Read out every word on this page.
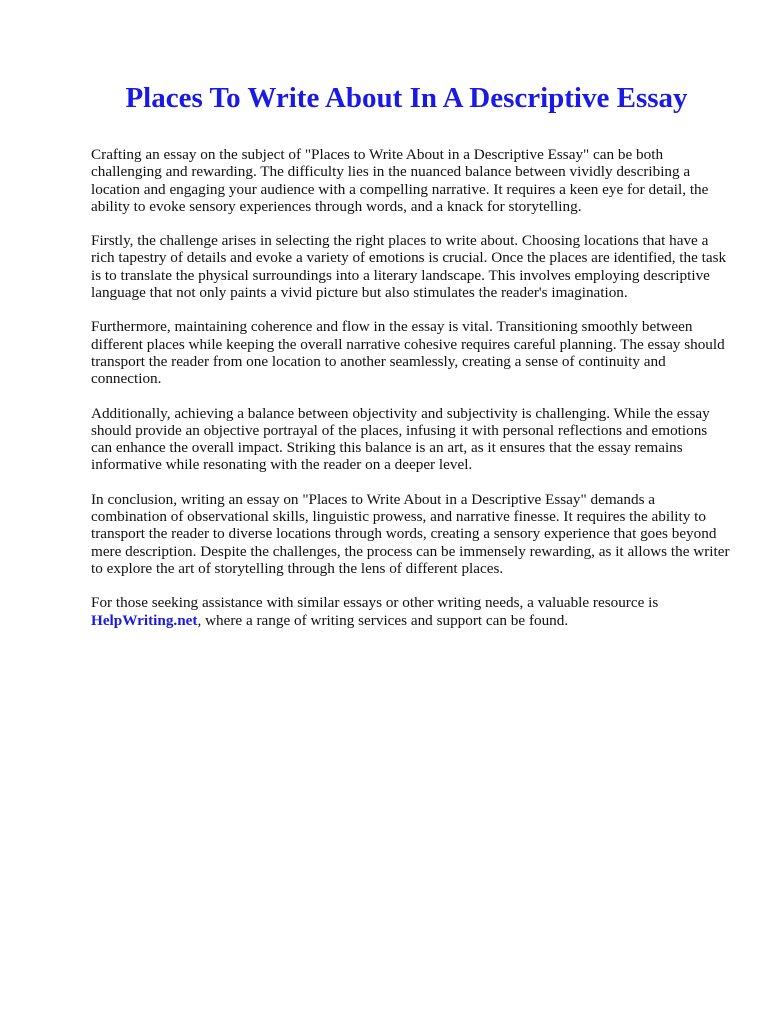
Places To Write About In A Descriptive Essay

Crafting an essay on the subject of "Places to Write About in a Descriptive Essay" can be both challenging and rewarding. The difficulty lies in the nuanced balance between vividly describing a location and engaging your audience with a compelling narrative. It requires a keen eye for detail, the ability to evoke sensory experiences through words, and a knack for storytelling.

Firstly, the challenge arises in selecting the right places to write about. Choosing locations that have a rich tapestry of details and evoke a variety of emotions is crucial. Once the places are identified, the task is to translate the physical surroundings into a literary landscape. This involves employing descriptive language that not only paints a vivid picture but also stimulates the reader's imagination.

Furthermore, maintaining coherence and flow in the essay is vital. Transitioning smoothly between different places while keeping the overall narrative cohesive requires careful planning. The essay should transport the reader from one location to another seamlessly, creating a sense of continuity and connection.

Additionally, achieving a balance between objectivity and subjectivity is challenging. While the essay should provide an objective portrayal of the places, infusing it with personal reflections and emotions can enhance the overall impact. Striking this balance is an art, as it ensures that the essay remains informative while resonating with the reader on a deeper level.

In conclusion, writing an essay on "Places to Write About in a Descriptive Essay" demands a combination of observational skills, linguistic prowess, and narrative finesse. It requires the ability to transport the reader to diverse locations through words, creating a sensory experience that goes beyond mere description. Despite the challenges, the process can be immensely rewarding, as it allows the writer to explore the art of storytelling through the lens of different places.

For those seeking assistance with similar essays or other writing needs, a valuable resource is HelpWriting.net, where a range of writing services and support can be found.
